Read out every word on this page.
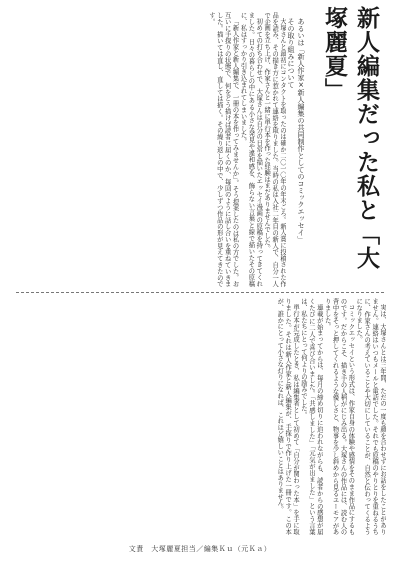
新人編集だった私と「大塚麗夏」
あるいは「新人作家×新人編集の共同制作としてのコミックエッセイ」
その取り組みについて

大塚さんと最初にコンタクトを取ったのは確か二〇一〇年の年末ごろ。新人賞に投稿された作品を読み、その描き方に惹かれて連絡を取りました。当時の私は入社二年目の新人で、自分一人で企画を立ち上げ、作家さんと一緒に単行本を作った経験はまだありませんでした。

初めての打ち合わせで、大塚さんは自分の日常を描いたエッセイ漫画の原稿を持ってきてくれました。日々の暮らしの中にある小さな発見や違和感を、飾らない言葉と線で描いたその原稿に、私はすっかり引き込まれてしまいました。

「新人作家と新人編集で、一冊の本を作ってみませんか」。そう提案したのは私の方でした。お互いに手探りの状態で、何をどう描けば読者に届くのか、毎回のように話し合いを重ねていきました。描いては直し、直しては描く。その繰り返しの中で、少しずつ作品の形が見えてきたのです。

実は、大塚さんとは三年間、ただの一度も顔を合わせずにお話をしたことがありません。連絡はいつもメールと電話でした。それでも原稿のやりとりを重ねるうちに、作家さんの考えていることや大切にしていることが、自然と伝わってくるようになりました。

コミックエッセイという形式は、作家自身の体験や感情をそのまま作品にするものです。だからこそ、描き手の人柄がにじみ出る。大塚さんの作品には、読む人の背中をそっと押してくれるような優しさと、物事を少し斜めから見るユーモアがありました。

連載が始まってからは、毎月の締め切りに追われながらも、読者からの感想が届くたびに二人で喜び合いました。「共感しました」「元気が出ました」という言葉は、私たちにとって何よりの励みでした。

単行本が完成したとき、私は編集者として初めて「自分が関わった本」を手に取りました。それは新人作家と新人編集が、手探りで作り上げた一冊です。この本が、誰かにとって小さな灯りになれば、これほど嬉しいことはありません。

文責　大塚麗夏担当／編集Ｋｕ（元Ｋａ）
